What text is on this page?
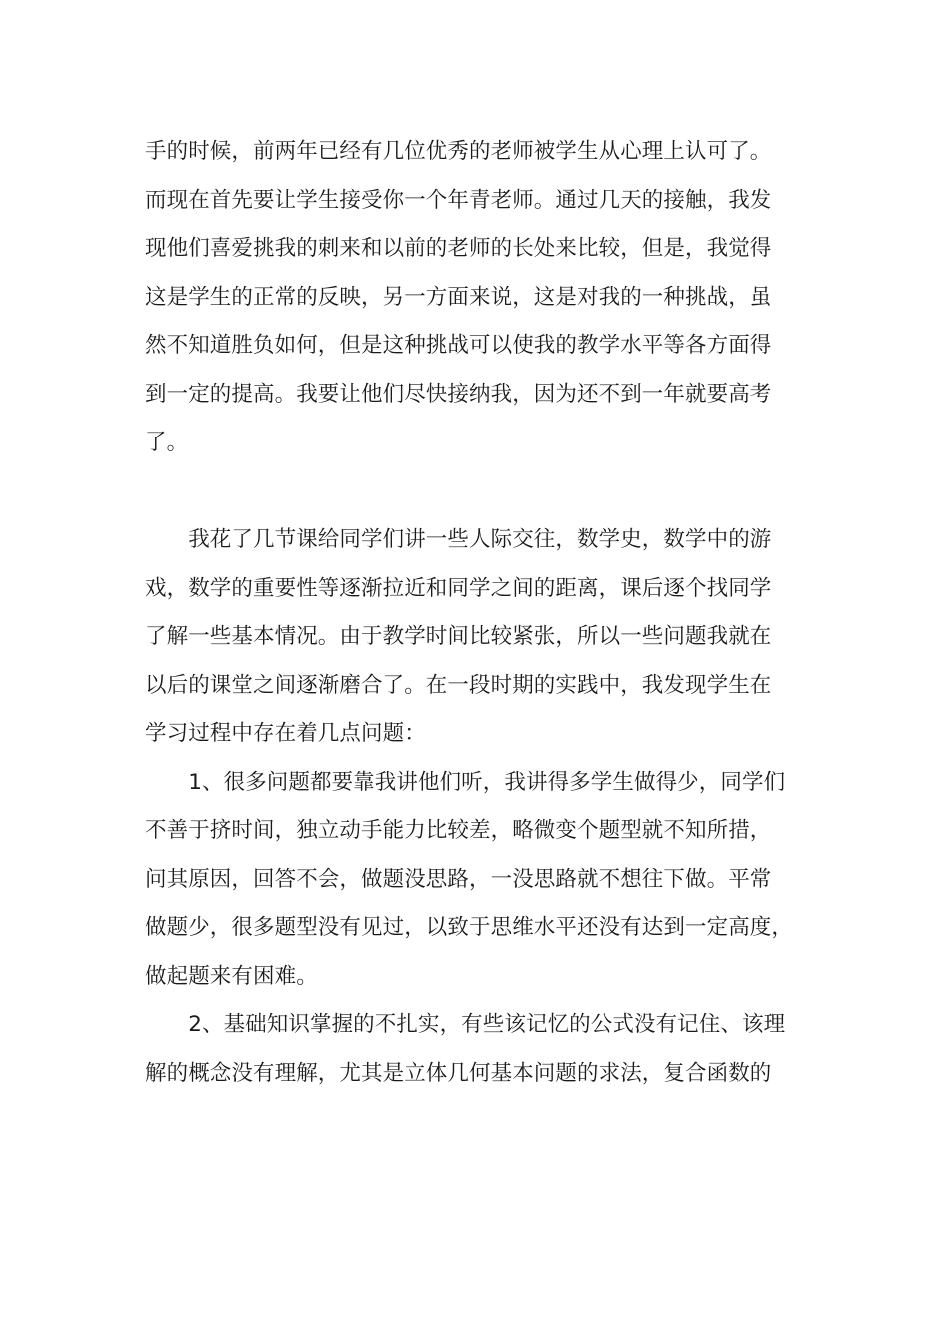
手的时候，前两年已经有几位优秀的老师被学生从心理上认可了。
而现在首先要让学生接受你一个年青老师。通过几天的接触，我发
现他们喜爱挑我的刺来和以前的老师的长处来比较，但是，我觉得
这是学生的正常的反映，另一方面来说，这是对我的一种挑战，虽
然不知道胜负如何，但是这种挑战可以使我的教学水平等各方面得
到一定的提高。我要让他们尽快接纳我，因为还不到一年就要高考
了。
　　我花了几节课给同学们讲一些人际交往，数学史，数学中的游
戏，数学的重要性等逐渐拉近和同学之间的距离，课后逐个找同学
了解一些基本情况。由于教学时间比较紧张，所以一些问题我就在
以后的课堂之间逐渐磨合了。在一段时期的实践中，我发现学生在
学习过程中存在着几点问题：
　　1、很多问题都要靠我讲他们听，我讲得多学生做得少，同学们
不善于挤时间，独立动手能力比较差，略微变个题型就不知所措，
问其原因，回答不会，做题没思路，一没思路就不想往下做。平常
做题少，很多题型没有见过，以致于思维水平还没有达到一定高度，
做起题来有困难。
　　2、基础知识掌握的不扎实，有些该记忆的公式没有记住、该理
解的概念没有理解，尤其是立体几何基本问题的求法，复合函数的
